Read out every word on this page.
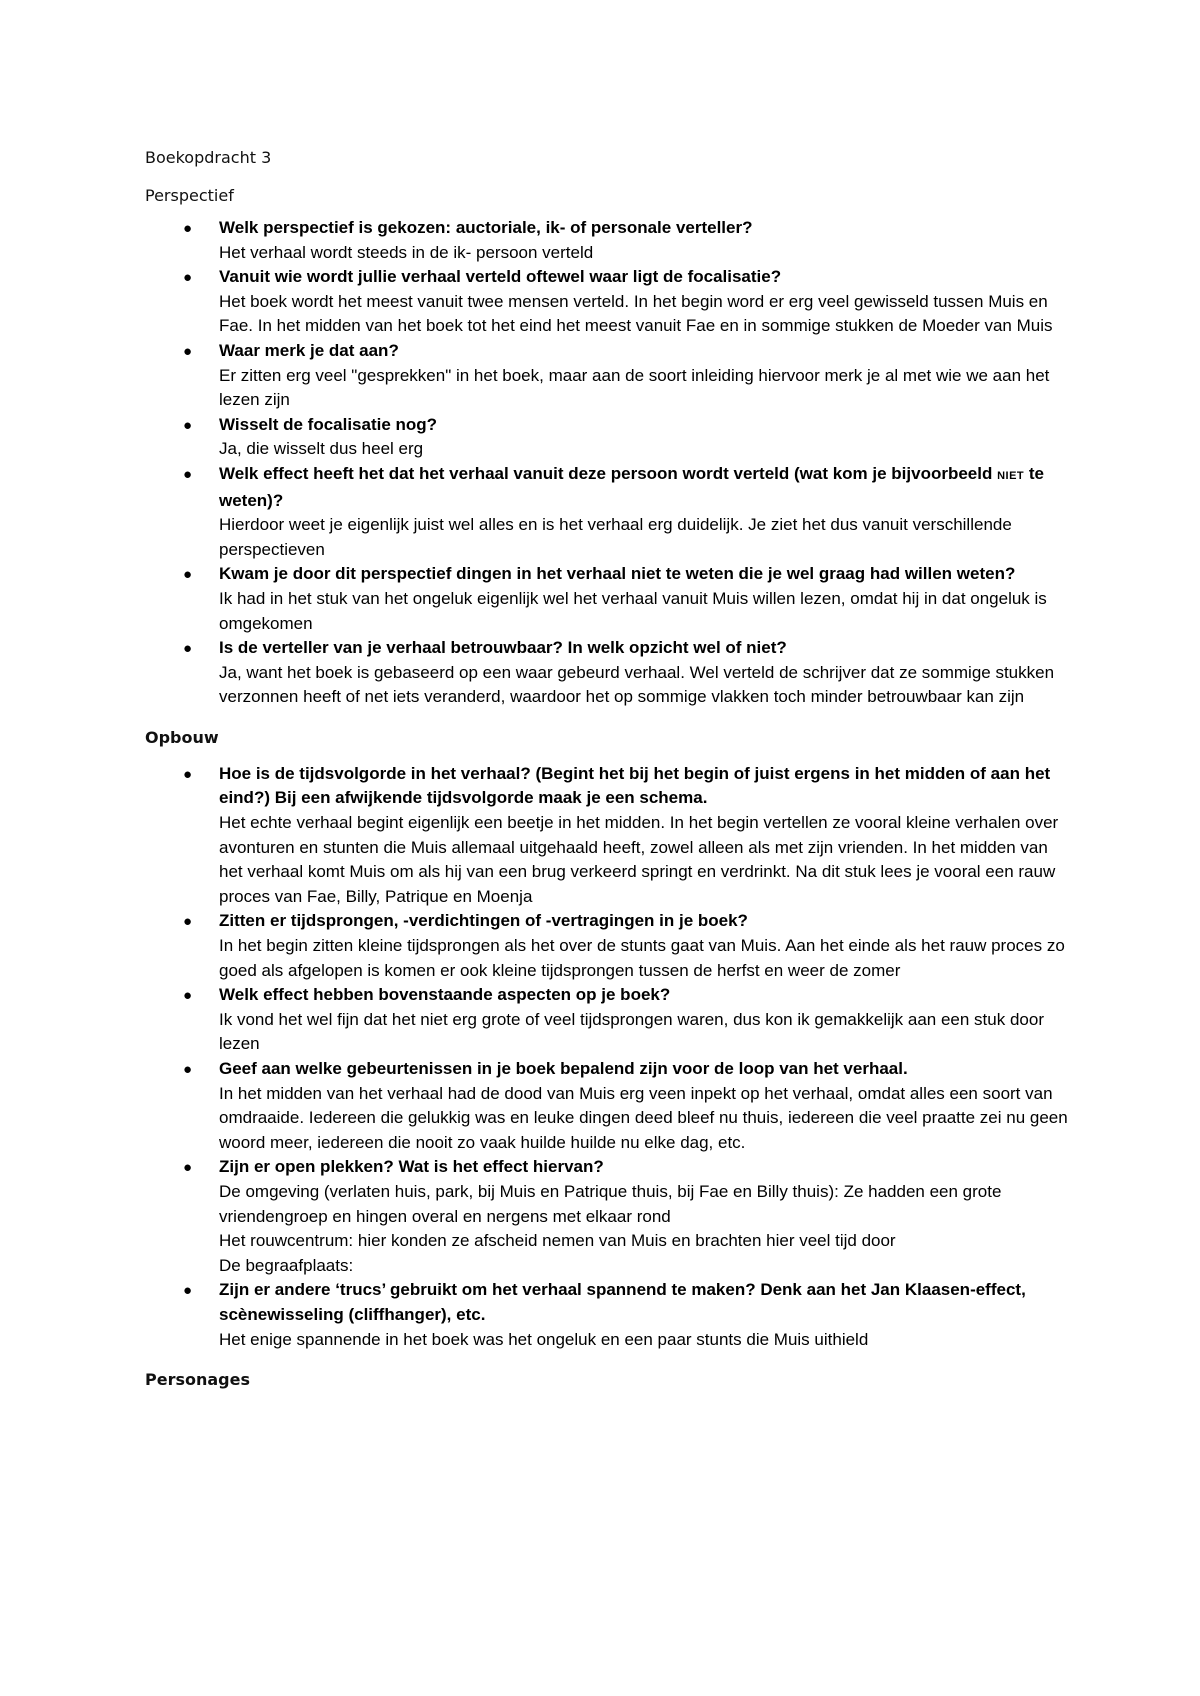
Boekopdracht 3
Perspectief
● Welk perspectief is gekozen: auctoriale, ik- of personale verteller?
Het verhaal wordt steeds in de ik- persoon verteld
● Vanuit wie wordt jullie verhaal verteld oftewel waar ligt de focalisatie?
Het boek wordt het meest vanuit twee mensen verteld. In het begin word er erg veel gewisseld tussen Muis en Fae. In het midden van het boek tot het eind het meest vanuit Fae en in sommige stukken de Moeder van Muis
● Waar merk je dat aan?
Er zitten erg veel "gesprekken" in het boek, maar aan de soort inleiding hiervoor merk je al met wie we aan het lezen zijn
● Wisselt de focalisatie nog?
Ja, die wisselt dus heel erg
● Welk effect heeft het dat het verhaal vanuit deze persoon wordt verteld (wat kom je bijvoorbeeld NIET te weten)?
Hierdoor weet je eigenlijk juist wel alles en is het verhaal erg duidelijk. Je ziet het dus vanuit verschillende perspectieven
● Kwam je door dit perspectief dingen in het verhaal niet te weten die je wel graag had willen weten?
Ik had in het stuk van het ongeluk eigenlijk wel het verhaal vanuit Muis willen lezen, omdat hij in dat ongeluk is omgekomen
● Is de verteller van je verhaal betrouwbaar? In welk opzicht wel of niet?
Ja, want het boek is gebaseerd op een waar gebeurd verhaal. Wel verteld de schrijver dat ze sommige stukken verzonnen heeft of net iets veranderd, waardoor het op sommige vlakken toch minder betrouwbaar kan zijn
Opbouw
● Hoe is de tijdsvolgorde in het verhaal? (Begint het bij het begin of juist ergens in het midden of aan het eind?) Bij een afwijkende tijdsvolgorde maak je een schema.
Het echte verhaal begint eigenlijk een beetje in het midden. In het begin vertellen ze vooral kleine verhalen over avonturen en stunten die Muis allemaal uitgehaald heeft, zowel alleen als met zijn vrienden. In het midden van het verhaal komt Muis om als hij van een brug verkeerd springt en verdrinkt. Na dit stuk lees je vooral een rauw proces van Fae, Billy, Patrique en Moenja
● Zitten er tijdsprongen, -verdichtingen of -vertragingen in je boek?
In het begin zitten kleine tijdsprongen als het over de stunts gaat van Muis. Aan het einde als het rauw proces zo goed als afgelopen is komen er ook kleine tijdsprongen tussen de herfst en weer de zomer
● Welk effect hebben bovenstaande aspecten op je boek?
Ik vond het wel fijn dat het niet erg grote of veel tijdsprongen waren, dus kon ik gemakkelijk aan een stuk door lezen
● Geef aan welke gebeurtenissen in je boek bepalend zijn voor de loop van het verhaal.
In het midden van het verhaal had de dood van Muis erg veen inpekt op het verhaal, omdat alles een soort van omdraaide. Iedereen die gelukkig was en leuke dingen deed bleef nu thuis, iedereen die veel praatte zei nu geen woord meer, iedereen die nooit zo vaak huilde huilde nu elke dag, etc.
● Zijn er open plekken? Wat is het effect hiervan?
De omgeving (verlaten huis, park, bij Muis en Patrique thuis, bij Fae en Billy thuis): Ze hadden een grote vriendengroep en hingen overal en nergens met elkaar rond
Het rouwcentrum: hier konden ze afscheid nemen van Muis en brachten hier veel tijd door
De begraafplaats:
● Zijn er andere ‘trucs’ gebruikt om het verhaal spannend te maken? Denk aan het Jan Klaasen-effect, scènewisseling (cliffhanger), etc.
Het enige spannende in het boek was het ongeluk en een paar stunts die Muis uithield
Personages
